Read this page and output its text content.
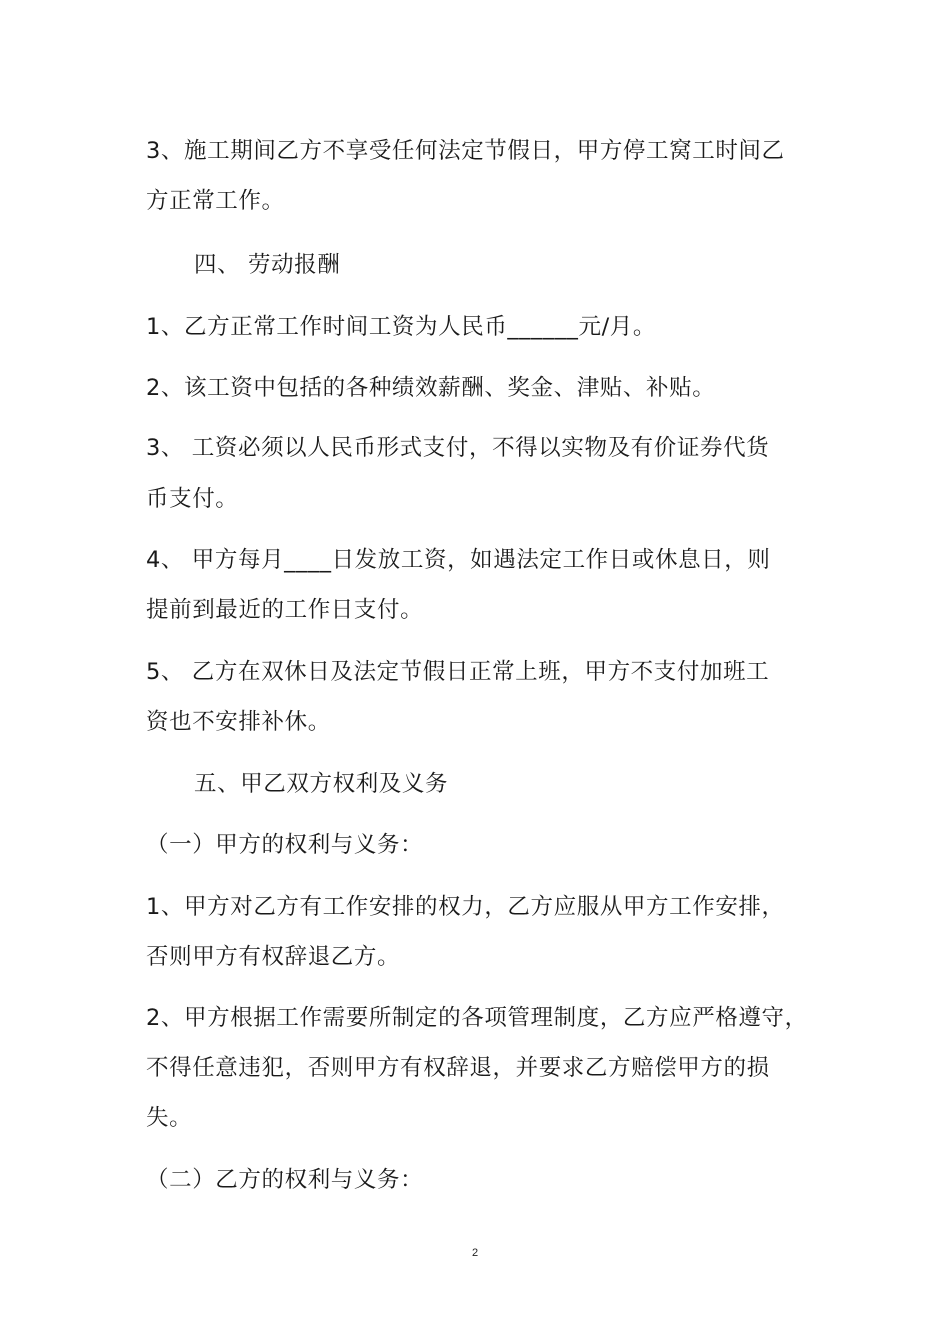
3、施工期间乙方不享受任何法定节假日，甲方停工窝工时间乙
方正常工作。
四、 劳动报酬
1、乙方正常工作时间工资为人民币______元/月。
2、该工资中包括的各种绩效薪酬、奖金、津贴、补贴。
3、 工资必须以人民币形式支付，不得以实物及有价证券代货
币支付。
4、 甲方每月____日发放工资，如遇法定工作日或休息日，则
提前到最近的工作日支付。
5、 乙方在双休日及法定节假日正常上班，甲方不支付加班工
资也不安排补休。
五、甲乙双方权利及义务
（一）甲方的权利与义务：
1、甲方对乙方有工作安排的权力，乙方应服从甲方工作安排，
否则甲方有权辞退乙方。
2、甲方根据工作需要所制定的各项管理制度，乙方应严格遵守，
不得任意违犯，否则甲方有权辞退，并要求乙方赔偿甲方的损
失。
（二）乙方的权利与义务：
2
